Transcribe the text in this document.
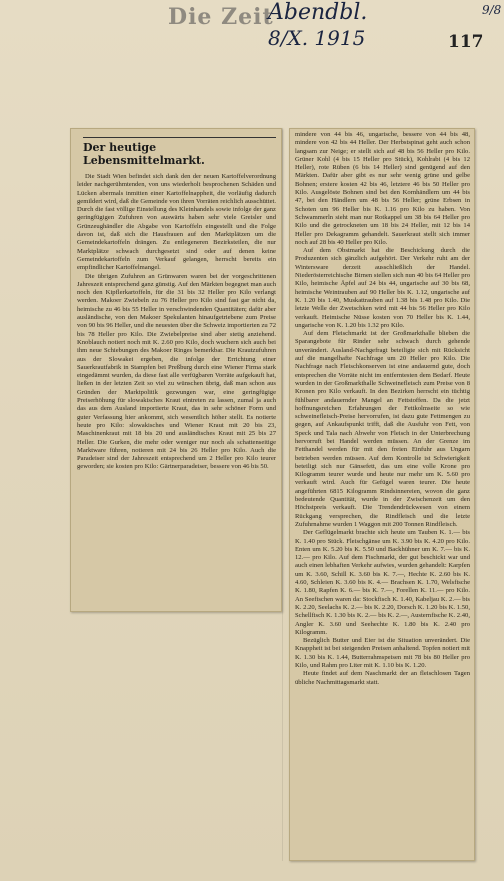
Die Zeit
Abendbl.
8/X. 1915	117
9/8
Der heutige Lebensmittelmarkt.

Die Stadt Wien befindet sich dank den der neuen Kartoffelverordnung leider nachgerühmtenden, von uns wiederholt besprochenen Schäden und Lücken abermals inmitten einer Kartoffelnappheit, die vorläufig dadurch gemildert wird, daß die Gemeinde von ihren Vorräten reichlich ausschüttet. Durch die fast völlige Einstellung des Kleinhandels sowie infolge der ganz geringfügigen Zufuhren von auswärts haben sehr viele Greisler und Grünzeughändler die Abgabe von Kartoffeln eingestellt und die Folge davon ist, daß sich die Hausfrauen auf den Marktplätzen um die Gemeindekartoffeln drängen. Zu entlegeneren Bezirksteilen, die nur Marktplätze schwach durchgesetzt sind oder auf denen keine Gemeindekartoffeln zum Verkauf gelangen, herrscht bereits ein empfindlicher Kartoffelmangel.

Die übrigen Zufuhren an Grünwaren waren bei der vorgeschrittenen Jahreszeit entsprechend ganz günstig. Auf den Märkten begegnet man auch noch den Kipflerkartoffeln, für die 31 bis 32 Heller pro Kilo verlangt werden. Makoer Zwiebeln zu 76 Heller pro Kilo sind fast gar nicht da, heimische zu 46 bis 55 Heller in verschwindenden Quantitäten; dafür aber ausländische, von den Makoer Spekulanten hinaufgetriebene zum Preise von 90 bis 96 Heller, und die neuesten über die Schweiz importierten zu 72 bis 78 Heller pro Kilo. Die Zwiebelpreise sind aber stetig anziehend. Knoblauch notiert noch mit K. 2.60 pro Kilo, doch wuchern sich auch bei ihm neue Schiebungen des Makoer Ringes bemerkbar. Die Krautzufuhren aus der Slowakei ergeben, die infolge der Errichtung einer Sauerkrautfabrik in Stampfen bei Preßburg durch eine Wiener Firma stark eingedämmt wurden, da diese fast alle verfügbaren Vorräte aufgekauft hat, ließen in der letzten Zeit so viel zu wünschen übrig, daß man schon aus Gründen der Marktpolitik gezwungen war, eine geringfügige Preiserhöhung für slowakisches Kraut eintreten zu lassen, zumal ja auch das aus dem Ausland importierte Kraut, das in sehr schöner Form und guter Verfassung hier ankommt, sich wesentlich höher stellt. Es notierte heute pro Kilo: slowakisches und Wiener Kraut mit 20 bis 23, Maschinenkraut mit 18 bis 20 und ausländisches Kraut mit 25 bis 27 Heller. Die Gurken, die mehr oder weniger nur noch als schattenseitige Marktware führen, notieren mit 24 bis 26 Heller pro Kilo. Auch die Paradeiser sind der Jahreszeit entsprechend um 2 Heller pro Kilo teurer geworden; sie kosten pro Kilo: Gärtnerparadeiser, bessere von 46 bis 50.

mindere von 44 bis 46, ungarische, bessere von 44 bis 48, mindere von 42 bis 44 Heller. Der Herbstspinat geht auch schon langsam zur Neige; er stellt sich auf 48 bis 56 Heller pro Kilo. Grüner Kohl (4 bis 15 Heller pro Stück), Kohlrabi (4 bis 12 Heller), rote Rüben (6 bis 14 Heller) sind genügend auf den Märkten. Dafür aber gibt es nur sehr wenig grüne und gelbe Bohnen; erstere kosten 42 bis 46, letztere 46 bis 50 Heller pro Kilo. Ausgelöste Bohnen sind bei den Kornhändlern um 44 bis 47, bei den Händlern um 48 bis 56 Heller; grüne Erbsen in Schoten um 96 Heller bis K. 1.16 pro Kilo zu haben. Von Schwammerln sieht man nur Rotkappel um 38 bis 64 Heller pro Kilo und die getrockneten um 18 bis 24 Heller, mit 12 bis 14 Heller pro Dekagramm gehandelt. Sauerkraut stellt sich immer noch auf 28 bis 40 Heller pro Kilo.

Auf dem Obstmarkt hat die Beschickung durch die Produzenten sich gänzlich aufgehört. Der Verkehr ruht am der Wintersware derzeit ausschließlich der Handel. Niederösterreichische Birnen stellen sich nun 40 bis 64 Heller pro Kilo, heimische Äpfel auf 24 bis 44, ungarische auf 30 bis 68, heimische Weintrauben auf 90 Heller bis K. 1.12, ungarische auf K. 1.20 bis 1.40, Muskattrauben auf 1.38 bis 1.48 pro Kilo. Die letzte Welle der Zwetschken wird mit 44 bis 56 Heller pro Kilo verkauft. Heimische Nüsse kosten von 70 Heller bis K. 1.44, ungarische von K. 1.20 bis 1.32 pro Kilo.

Auf dem Fleischmarkt ist der Großmarkthalle blieben die Sparangebote für Rinder sehr schwach durch gehende unverändert. Ausland-Nachgefragt beteiligte sich mit Rücksicht auf die mangelhafte Nachfrage um 20 Heller pro Kilo. Die Nachfrage nach Fleischkonserven ist eine andauernd gute, doch entsprechen die Vorräte nicht im entferntesten dem Bedarf. Heute wurden in der Großmarkthalle Schweinefleisch zum Preise von 8 Kronen pro Kilo verkauft. In den Bezirken herrscht ein tüchtig fühlbarer andauernder Mangel an Fettstoffen. Da die jetzt hoffnungsreichen Erfahrungen der Fettkolmseite so wie schweinefleisch-Preise hervorrufen, ist dazu gute Fettmengen zu gegen, auf Ankaufspunkt trifft, daß die Ausfuhr von Fett, von Speck und Tala nach Abwehr von Fleisch in der Unterbrechung hervorruft bei Handel werden müssen. An der Grenze im Fetthandel werden für mit den freien Einfuhr aus Ungarn betrieben werden müssen. Auf dem Kontrolle ist Schwierigkeit beteiligt sich nur Gänsefett, das um eine volle Krone pro Kilogramm teurer wurde und heute nur mehr um K. 5.60 pro verkauft wird. Auch für Gefügel waren teurer. Die heute angeführten 6815 Kilogramm Rindsinnereien, wovon die ganz bedeutende Quantität, wurde in der Zwischenzeit um den Höchstpreis verkauft. Die Trendendrückwesen von einem Rückgang versprechen, die Rindfleisch und die letzte Zufuhrnahme wurden 1 Waggon mit 200 Tonnen Rindfleisch.

Der Geflügelmarkt brachte sich heute um Tauben K. 1.— bis K. 1.40 pro Stück. Fleischgänse um K. 3.90 bis K. 4.20 pro Kilo. Enten um K. 5.20 bis K. 5.50 und Backhühner um K. 7.— bis K. 12.— pro Kilo. Auf dem Fischmarkt, der gut beschickt war und auch einen lebhaften Verkehr aufwies, wurden gehandelt: Karpfen um K. 3.60, Schill K. 3.60 bis K. 7.—, Hechte K. 2.60 bis K. 4.60, Schleien K. 3.60 bis K. 4.— Brachsen K. 1.70, Welsfische K. 1.80, Rapfen K. 6.— bis K. 7.—, Forellen K. 11.— pro Kilo. An Seefischen waren da: Stockfisch K. 1.40, Kabeljau K. 2.— bis K. 2.20, Seelachs K. 2.— bis K. 2.20, Dorsch K. 1.20 bis K. 1.50, Schellfisch K. 1.30 bis K. 2.— bis K. 2.—, Austernfische K. 2.40, Angler K. 3.60 und Seehechte K. 1.80 bis K. 2.40 pro Kilogramm.

Bezüglich Butter und Eier ist die Situation unverändert. Die Knappheit ist bei steigenden Preisen anhaltend. Topfen notiert mit K. 1.30 bis K. 1.44, Butterrahmspeisen mit 78 bis 80 Heller pro Kilo, und Rahm pro Liter mit K. 1.10 bis K. 1.20.

Heute findet auf dem Naschmarkt der an fleischlosen Tagen übliche Nachmittagsmarkt statt.
